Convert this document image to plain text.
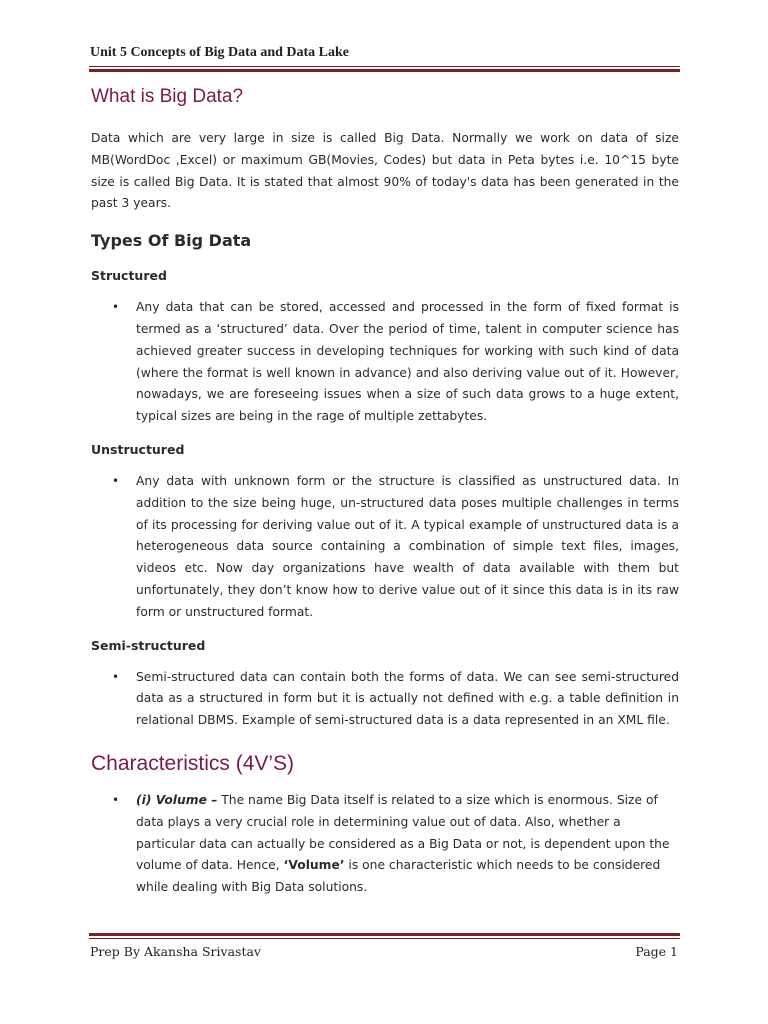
Unit 5 Concepts of Big Data and Data Lake
What is Big Data?

Data which are very large in size is called Big Data. Normally we work on data of size MB(WordDoc ,Excel) or maximum GB(Movies, Codes) but data in Peta bytes i.e. 10^15 byte size is called Big Data. It is stated that almost 90% of today's data has been generated in the past 3 years.

Types Of Big Data
Structured
• Any data that can be stored, accessed and processed in the form of fixed format is termed as a ‘structured’ data. Over the period of time, talent in computer science has achieved greater success in developing techniques for working with such kind of data (where the format is well known in advance) and also deriving value out of it. However, nowadays, we are foreseeing issues when a size of such data grows to a huge extent, typical sizes are being in the rage of multiple zettabytes.

Unstructured
• Any data with unknown form or the structure is classified as unstructured data. In addition to the size being huge, un-structured data poses multiple challenges in terms of its processing for deriving value out of it. A typical example of unstructured data is a heterogeneous data source containing a combination of simple text files, images, videos etc. Now day organizations have wealth of data available with them but unfortunately, they don’t know how to derive value out of it since this data is in its raw form or unstructured format.

Semi-structured
• Semi-structured data can contain both the forms of data. We can see semi-structured data as a structured in form but it is actually not defined with e.g. a table definition in relational DBMS. Example of semi-structured data is a data represented in an XML file.

Characteristics (4V’S)
• (i) Volume – The name Big Data itself is related to a size which is enormous. Size of data plays a very crucial role in determining value out of data. Also, whether a particular data can actually be considered as a Big Data or not, is dependent upon the volume of data. Hence, ‘Volume’ is one characteristic which needs to be considered while dealing with Big Data solutions.

Prep By Akansha Srivastav	Page 1
